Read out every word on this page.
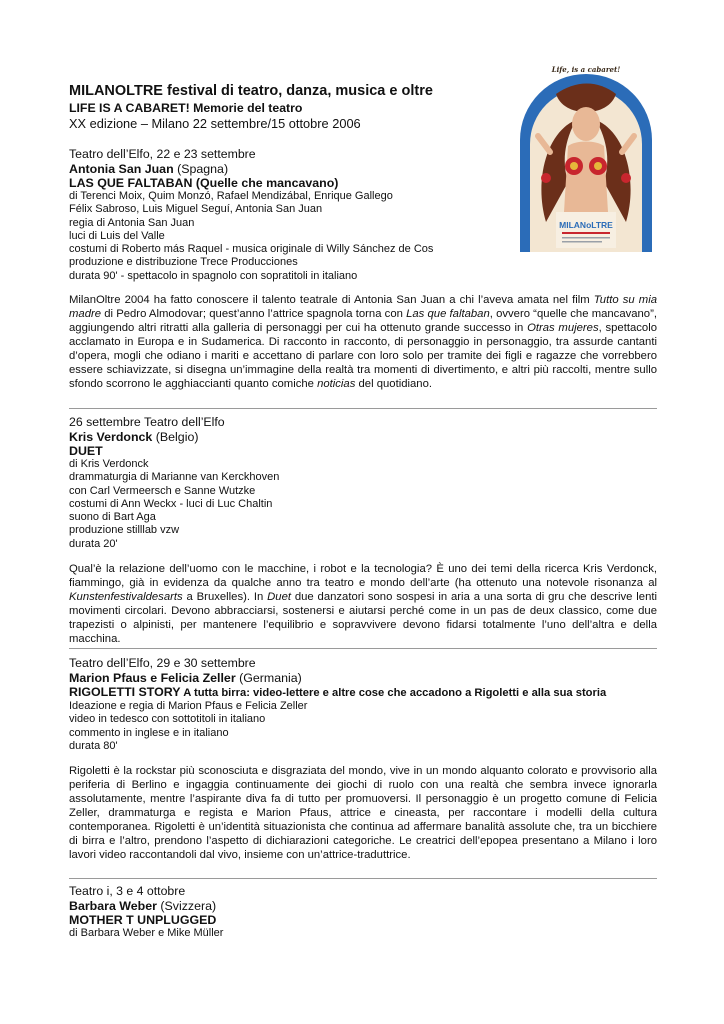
MILANOLTRE festival di teatro, danza, musica e oltre
LIFE IS A CABARET! Memorie del teatro
XX edizione – Milano 22 settembre/15 ottobre 2006
Life, is a cabaret!
MILANoLTRE
Teatro dell’Elfo, 22 e 23 settembre
Antonia San Juan (Spagna)
LAS QUE FALTABAN (Quelle che mancavano)
di Terenci Moix, Quim Monzó, Rafael Mendizábal, Enrique Gallego
Félix Sabroso, Luis Miguel Seguí, Antonia San Juan
regia di Antonia San Juan
luci di Luis del Valle
costumi di Roberto más Raquel - musica originale di Willy Sánchez de Cos
produzione e distribuzione Trece Producciones
durata 90' - spettacolo in spagnolo con sopratitoli in italiano
MilanOltre 2004 ha fatto conoscere il talento teatrale di Antonia San Juan a chi l’aveva amata nel film Tutto su mia madre di Pedro Almodovar; quest’anno l’attrice spagnola torna con Las que faltaban, ovvero “quelle che mancavano”, aggiungendo altri ritratti alla galleria di personaggi per cui ha ottenuto grande successo in Otras mujeres, spettacolo acclamato in Europa e in Sudamerica. Di racconto in racconto, di personaggio in personaggio, tra assurde cantanti d’opera, mogli che odiano i mariti e accettano di parlare con loro solo per tramite dei figli e ragazze che vorrebbero essere schiavizzate, si disegna un’immagine della realtà tra momenti di divertimento, e altri più raccolti, mentre sullo sfondo scorrono le agghiaccianti quanto comiche noticias del quotidiano.
26 settembre Teatro dell’Elfo
Kris Verdonck (Belgio)
DUET
di Kris Verdonck
drammaturgia di Marianne van Kerckhoven
con Carl Vermeersch e Sanne Wutzke
costumi di Ann Weckx - luci di Luc Chaltin
suono di Bart Aga
produzione stilllab vzw
durata 20'
Qual’è la relazione dell’uomo con le macchine, i robot e la tecnologia? È uno dei temi della ricerca Kris Verdonck, fiammingo, già in evidenza da qualche anno tra teatro e mondo dell’arte (ha ottenuto una notevole risonanza al Kunstenfestivaldesarts a Bruxelles). In Duet due danzatori sono sospesi in aria a una sorta di gru che descrive lenti movimenti circolari. Devono abbracciarsi, sostenersi e aiutarsi perché come in un pas de deux classico, come due trapezisti o alpinisti, per mantenere l’equilibrio e sopravvivere devono fidarsi totalmente l’uno dell’altra e della macchina.
Teatro dell’Elfo, 29 e 30 settembre
Marion Pfaus e Felicia Zeller (Germania)
RIGOLETTI STORY A tutta birra: video-lettere e altre cose che accadono a Rigoletti e alla sua storia
Ideazione e regia di Marion Pfaus e Felicia Zeller
video in tedesco con sottotitoli in italiano
commento in inglese e in italiano
durata 80'
Rigoletti è la rockstar più sconosciuta e disgraziata del mondo, vive in un mondo alquanto colorato e provvisorio alla periferia di Berlino e ingaggia continuamente dei giochi di ruolo con una realtà che sembra invece ignorarla assolutamente, mentre l’aspirante diva fa di tutto per promuoversi. Il personaggio è un progetto comune di Felicia Zeller, drammaturga e regista e Marion Pfaus, attrice e cineasta, per raccontare i modelli della cultura contemporanea. Rigoletti è un’identità situazionista che continua ad affermare banalità assolute che, tra un bicchiere di birra e l’altro, prendono l’aspetto di dichiarazioni categoriche. Le creatrici dell’epopea presentano a Milano i loro lavori video raccontandoli dal vivo, insieme con un’attrice-traduttrice.
Teatro i, 3 e 4 ottobre
Barbara Weber (Svizzera)
MOTHER T UNPLUGGED
di Barbara Weber e Mike Müller
